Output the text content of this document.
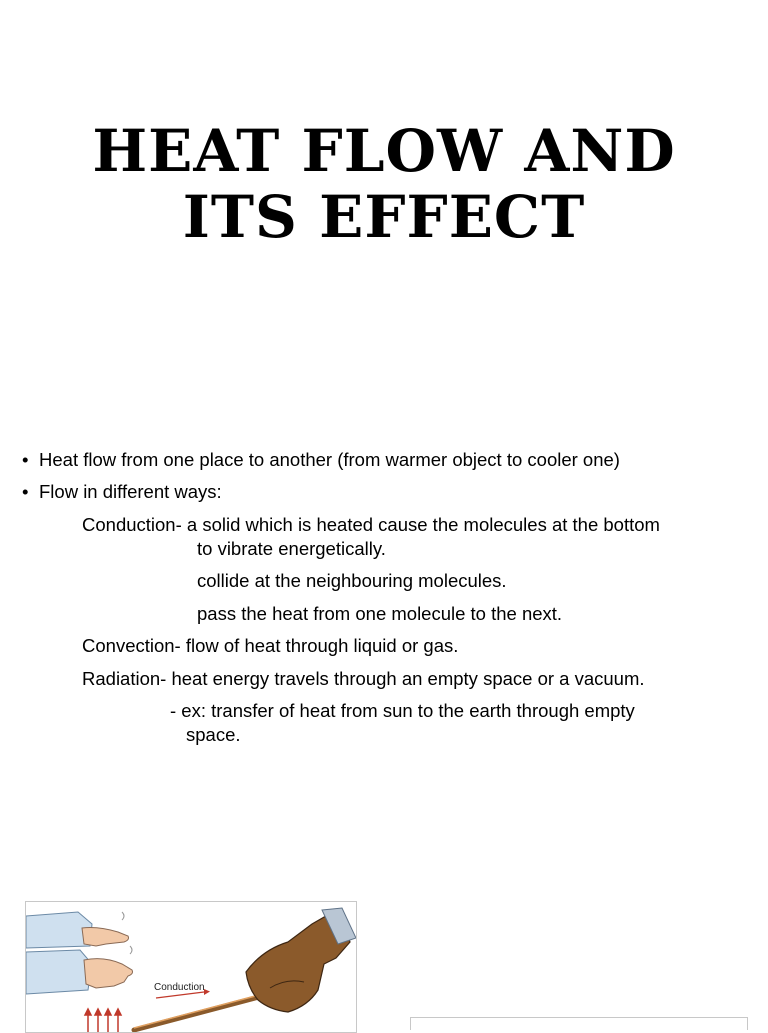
HEAT FLOW AND
ITS EFFECT
• Heat flow from one place to another (from warmer object to cooler one)
• Flow in different ways:
Conduction- a solid which is heated cause the molecules at the bottom
to vibrate energetically.
collide at the neighbouring molecules.
pass the heat from one molecule to the next.
Convection- flow of heat through liquid or gas.
Radiation- heat energy travels through an empty space or a vacuum.
- ex: transfer of heat from sun to the earth through empty
space.
Conduction
